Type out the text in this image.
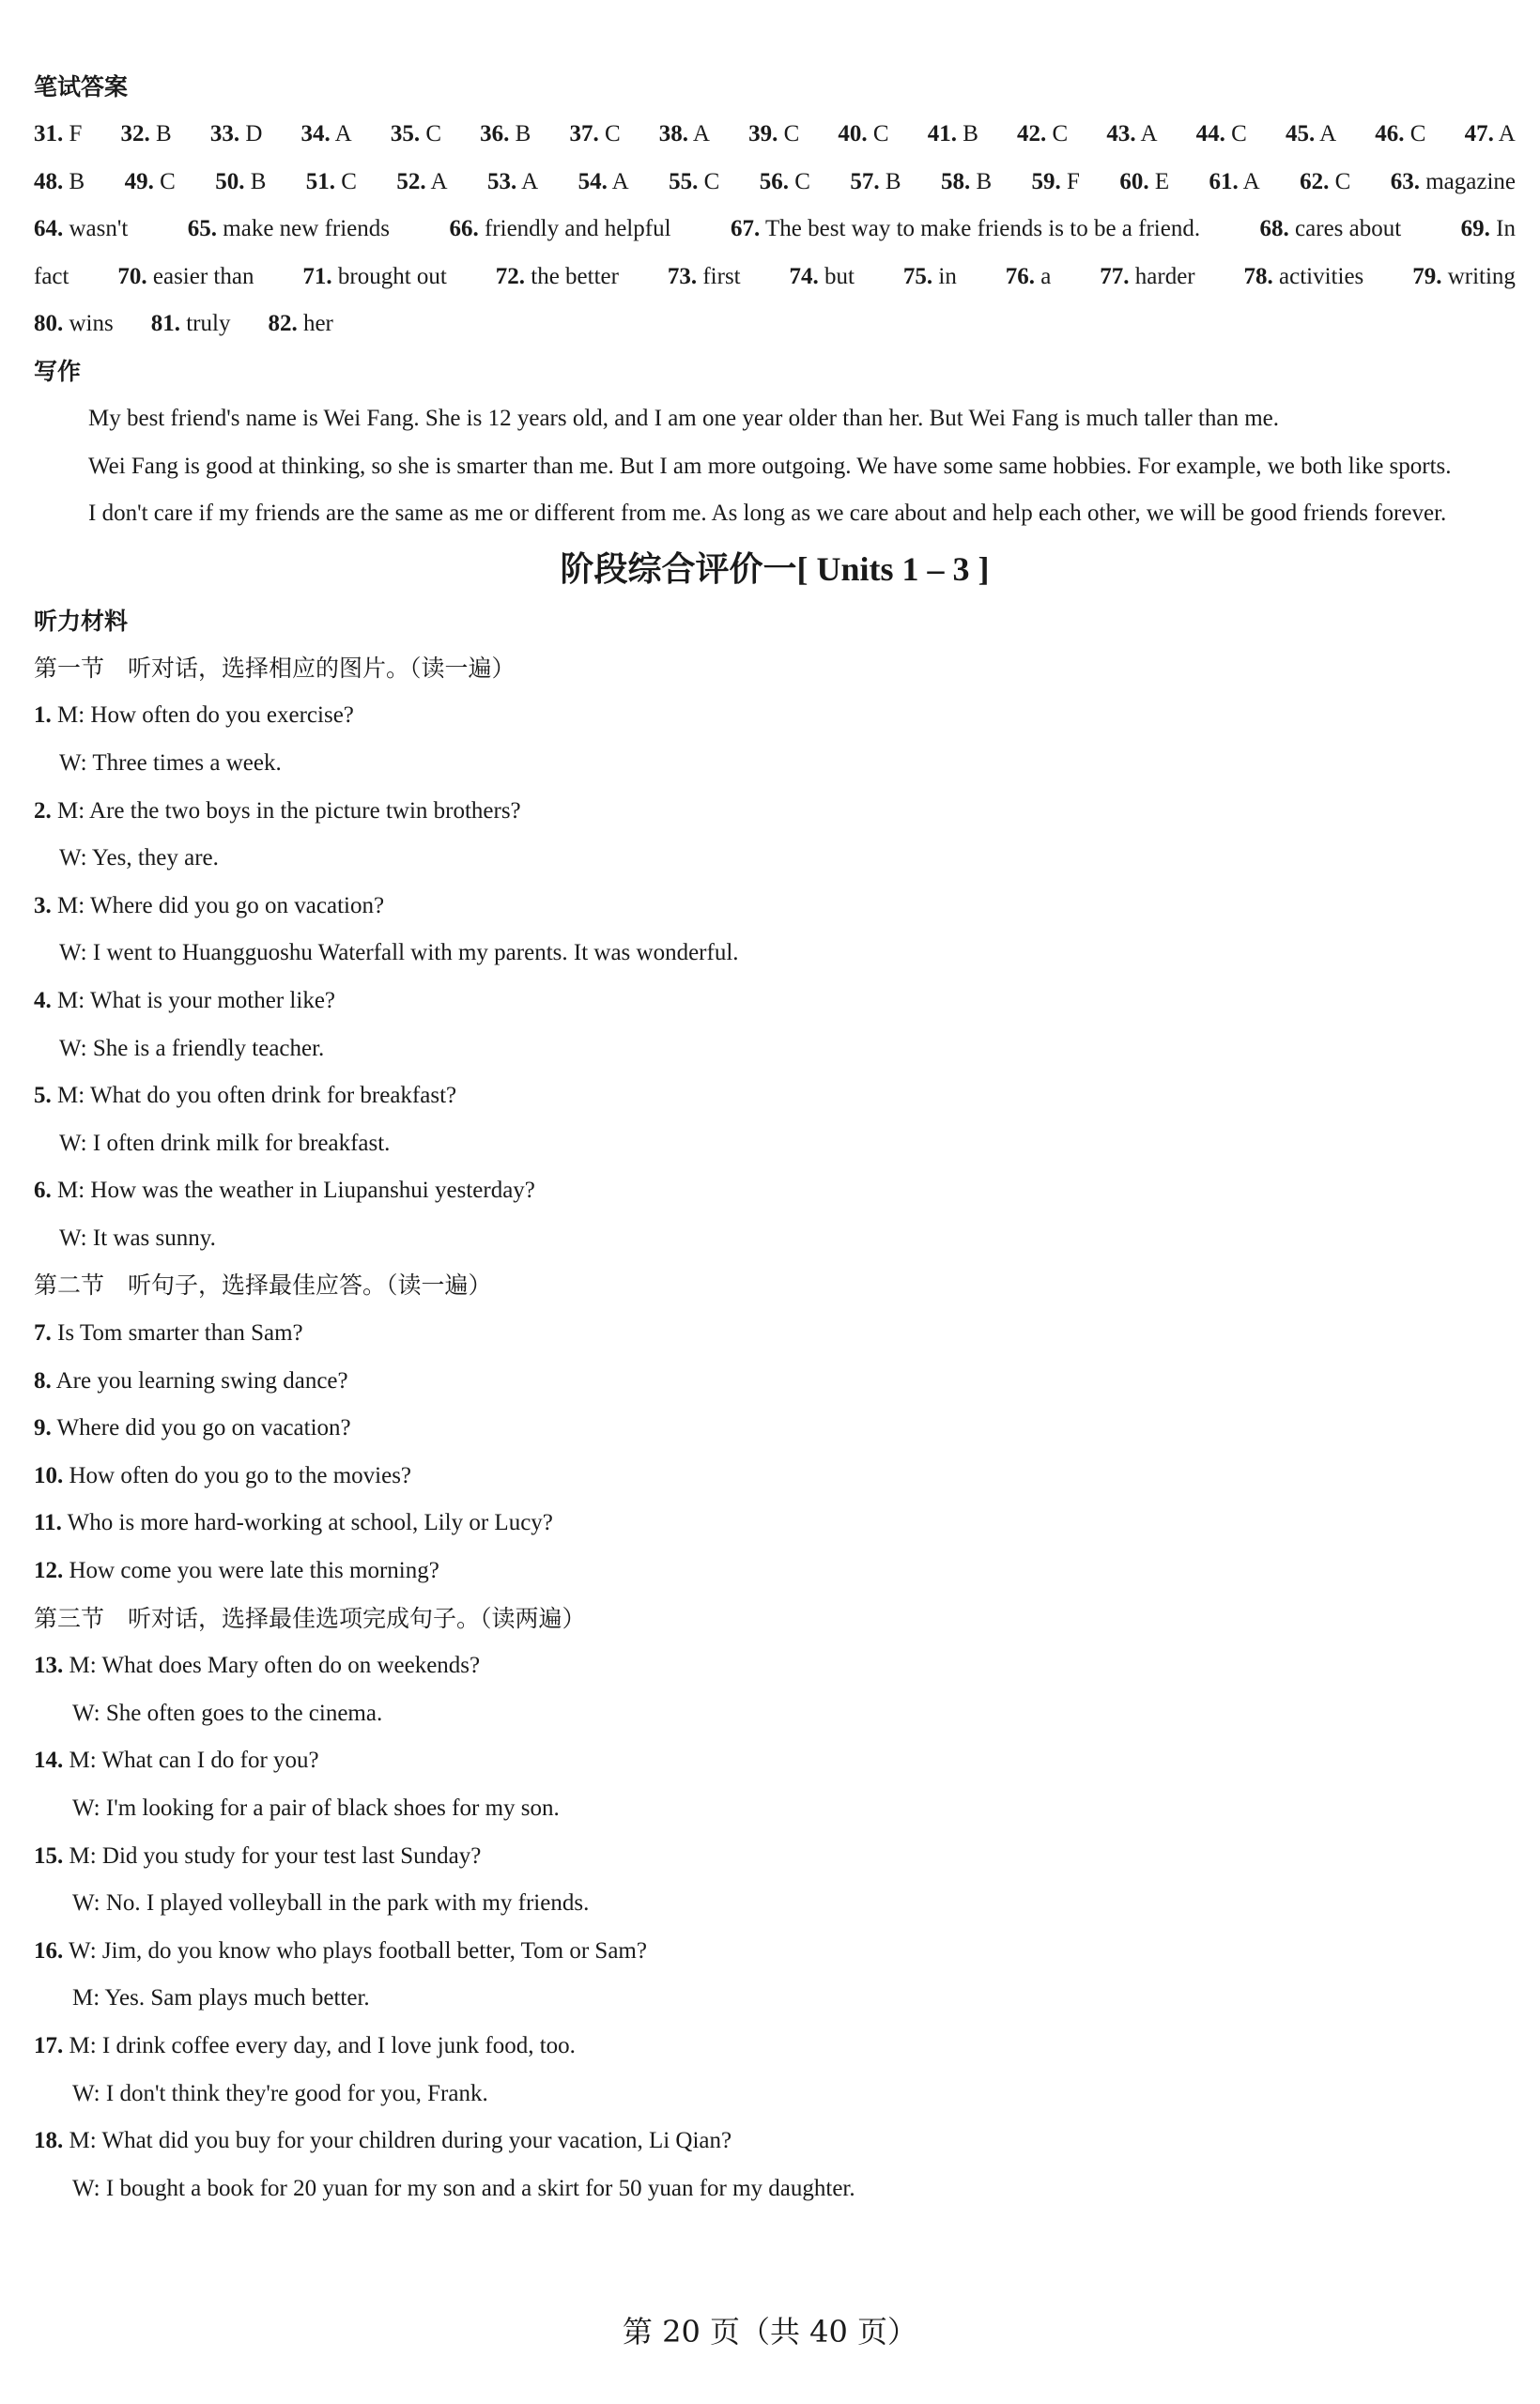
笔试答案
31. F 32. B 33. D 34. A 35. C 36. B 37. C 38. A 39. C 40. C 41. B 42. C 43. A 44. C 45. A 46. C 47. A
48. B 49. C 50. B 51. C 52. A 53. A 54. A 55. C 56. C 57. B 58. B 59. F 60. E 61. A 62. C 63. magazine
64. wasn't	65. make new friends	66. friendly and helpful	67. The best way to make friends is to be a friend.	68. cares about	69. In
fact 70. easier than 71. brought out 72. the better 73. first 74. but 75. in 76. a 77. harder 78. activities 79. writing
80. wins 81. truly 82. her
写作
My best friend's name is Wei Fang. She is 12 years old, and I am one year older than her. But Wei Fang is much taller than me.
Wei Fang is good at thinking, so she is smarter than me. But I am more outgoing. We have some same hobbies. For example, we both like sports.
I don't care if my friends are the same as me or different from me. As long as we care about and help each other, we will be good friends forever.
阶段综合评价一[ Units 1 – 3 ]
听力材料
第一节　听对话，选择相应的图片。（读一遍）
1. M: How often do you exercise?
W: Three times a week.
2. M: Are the two boys in the picture twin brothers?
W: Yes, they are.
3. M: Where did you go on vacation?
W: I went to Huangguoshu Waterfall with my parents. It was wonderful.
4. M: What is your mother like?
W: She is a friendly teacher.
5. M: What do you often drink for breakfast?
W: I often drink milk for breakfast.
6. M: How was the weather in Liupanshui yesterday?
W: It was sunny.
第二节　听句子，选择最佳应答。（读一遍）
7. Is Tom smarter than Sam?
8. Are you learning swing dance?
9. Where did you go on vacation?
10. How often do you go to the movies?
11. Who is more hard-working at school, Lily or Lucy?
12. How come you were late this morning?
第三节　听对话，选择最佳选项完成句子。（读两遍）
13. M: What does Mary often do on weekends?
W: She often goes to the cinema.
14. M: What can I do for you?
W: I'm looking for a pair of black shoes for my son.
15. M: Did you study for your test last Sunday?
W: No. I played volleyball in the park with my friends.
16. W: Jim, do you know who plays football better, Tom or Sam?
M: Yes. Sam plays much better.
17. M: I drink coffee every day, and I love junk food, too.
W: I don't think they're good for you, Frank.
18. M: What did you buy for your children during your vacation, Li Qian?
W: I bought a book for 20 yuan for my son and a skirt for 50 yuan for my daughter.
第 20 页（共 40 页）
